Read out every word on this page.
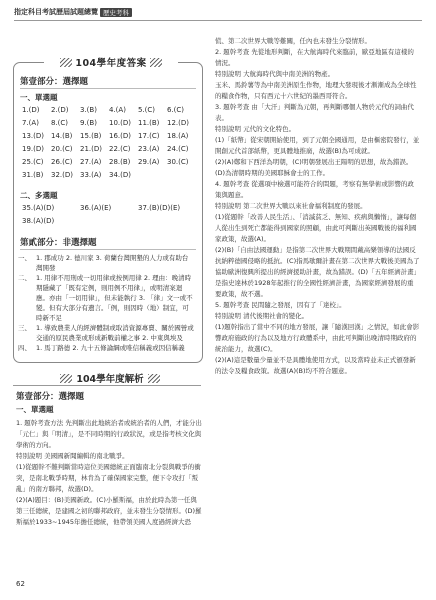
指定科目考試歷屆試題總覽 歷史考科
104學年度答案
第壹部分：選擇題
一、單選題
1.(D)	2.(D)	3.(B)	4.(A)	5.(C)	6.(C)
7.(A)	8.(C)	9.(B)	10.(D)	11.(B)	12.(D)
13.(D)	14.(B)	15.(B)	16.(D)	17.(C)	18.(A)
19.(D)	20.(C)	21.(D)	22.(C)	23.(A)	24.(C)
25.(C)	26.(C)	27.(A)	28.(B)	29.(A)	30.(C)
31.(B)	32.(D)	33.(A)	34.(D)
二、多選題
35.(A)(D)	36.(A)(E)	37.(B)(D)(E)
38.(A)(D)
第貳部分：非選擇題
一、 1. 郡成功 2. 德川家 3. 荷蘭台灣開墾的人力或有助台灣開發
二、 1. 用律不用刑或一切用律或按例用律 2. 理由：晚清時期隱藏了「既有定例，則用例不用律」，或明清案迴應。亦由「一切用律」，但未能執行 3. 「律」文一或不變。但有大部分有遺言。「例，則因時（地）制宜，可時新不足
三、 1. 導致農業人的經濟體制或取消資源專賣、關於國營或交通的原民農業或形成新戰前權之事 2. 中東與埃及
四、 1. 馬丁路德 2. 九十五條論綱或唯信稱義或因信稱義
104學年度解析
第壹部分：選擇題
一、單選題
1. 題幹考查方法 先判斷出此地統治者或統治者的人們，才能分出「元仁」與「明清」，是不同時期的行政狀況，或是指考核文化與學術的方向。
特別說明 美國國新聞編輯的南北戰爭。
(1)從題幹不難判斷當時這位美國總統正面臨南北分裂與戰爭的衝突，是南北戰爭時期，林肯為了確保國家完整，便下令攻打「叛亂」的南方聯邦，故選(D)。
(2)(A)題目：(B)美國新政。(C)小羅斯福，由於此時為第一任與第三任總統，是建國之初的聯邦政府，並未發生分裂情形。(D)羅斯福於1933~1945年擔任總統，他帶領美國人度過經濟大恐
慌、第二次世界大戰等難關，任內也未發生分裂情形。
2. 題幹考查 先從地形判斷，在大航海時代來臨前，歐亞地區有這樣的情況。
特別說明 大航海時代與中南美洲的物產。
玉米、馬鈴薯等為中南美洲原生作物，地理大發現後才漸漸成為全球性的糧食作物，只有西元十六世紀的墨西哥符合。
3. 題幹考查 由「大汗」判斷為元朝，再判斷哪個人物於元代的詞曲代表。
特別說明 元代的文化特色。
(1)「紙幣」從宋朝開始使用，到了元朝全國通用，是由樞密院發行，並開創元代首部紙幣，更具體地推廣，故選(B)為可成就。
(2)(A)鄭和下西洋為明朝，(C)明朝發展出王陽明的思想，故為錯誤。(D)為清朝時期的美國耶穌會士的工作。
4. 題幹考查 從選項中檢選可能符合的問題，考察有無學術或影響的政策與題意。
特別說明 第二次世界大戰以來社會福利制度的發展。
(1)從題幹「改善人民生活」、「消滅貧乏、無知、疾病與懶惰」，讓每個人從出生到死亡都能得到國家的照顧，由此可判斷出英國戰後的福利國家政策，故選(A)。
(2)(B)「自由法國運動」是指第二次世界大戰期間戴高樂領導的法國反抗納粹德國侵略的抵抗。(C)指馬歇爾計畫在第二次世界大戰後美國為了協助歐洲復興所提出的經濟援助計畫，故為錯誤。(D)「五年經濟計畫」是指史達林於1928年起推行的全國性經濟計畫，為國家經濟發展的重要政策，故不選。
5. 題幹考查 民間隨之發展，因有了「達校」。
特別說明 清代後期社會的變化。
(1)題幹指出了當中不同的地方發展，讓「隨漢回漢」之情況，如此會影響政府施政的行為以及地方行政體系中，由此可判斷出晚清時期政府的統治能力，故選(C)。
(2)(A)這是數量少量並不是具體地使用方式，以及當時並未正式頒發新的法令及糧食政策。故選(A)(B)均不符合題意。
62
